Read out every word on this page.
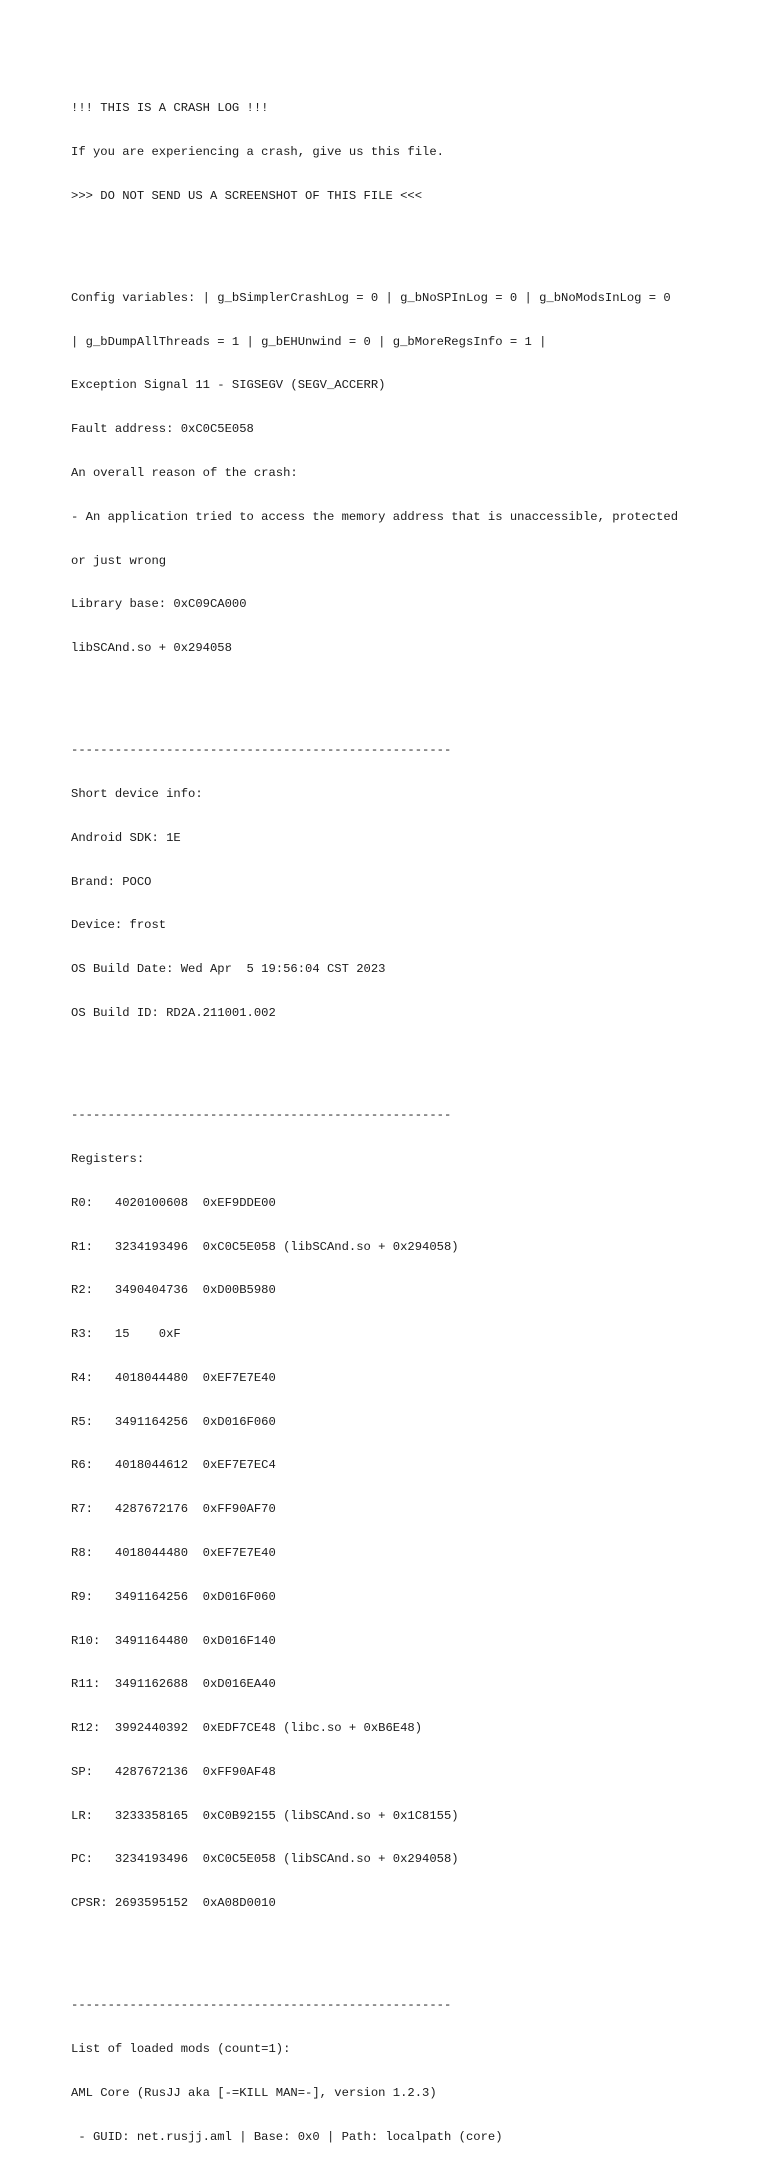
!!! THIS IS A CRASH LOG !!!

If you are experiencing a crash, give us this file.

>>> DO NOT SEND US A SCREENSHOT OF THIS FILE <<<

Config variables: | g_bSimplerCrashLog = 0 | g_bNoSPInLog = 0 | g_bNoModsInLog = 0

| g_bDumpAllThreads = 1 | g_bEHUnwind = 0 | g_bMoreRegsInfo = 1 |

Exception Signal 11 - SIGSEGV (SEGV_ACCERR)

Fault address: 0xC0C5E058

An overall reason of the crash:

- An application tried to access the memory address that is unaccessible, protected

or just wrong

Library base: 0xC09CA000

libSCAnd.so + 0x294058

----------------------------------------------------

Short device info:

Android SDK: 1E

Brand: POCO

Device: frost

OS Build Date: Wed Apr  5 19:56:04 CST 2023

OS Build ID: RD2A.211001.002

----------------------------------------------------

Registers:

R0:   4020100608  0xEF9DDE00

R1:   3234193496  0xC0C5E058 (libSCAnd.so + 0x294058)

R2:   3490404736  0xD00B5980

R3:   15    0xF

R4:   4018044480  0xEF7E7E40

R5:   3491164256  0xD016F060

R6:   4018044612  0xEF7E7EC4

R7:   4287672176  0xFF90AF70

R8:   4018044480  0xEF7E7E40

R9:   3491164256  0xD016F060

R10:  3491164480  0xD016F140

R11:  3491162688  0xD016EA40

R12:  3992440392  0xEDF7CE48 (libc.so + 0xB6E48)

SP:   4287672136  0xFF90AF48

LR:   3233358165  0xC0B92155 (libSCAnd.so + 0x1C8155)

PC:   3234193496  0xC0C5E058 (libSCAnd.so + 0x294058)

CPSR: 2693595152  0xA08D0010

----------------------------------------------------

List of loaded mods (count=1):

AML Core (RusJJ aka [-=KILL MAN=-], version 1.2.3)

- GUID: net.rusjj.aml | Base: 0x0 | Path: localpath (core)
